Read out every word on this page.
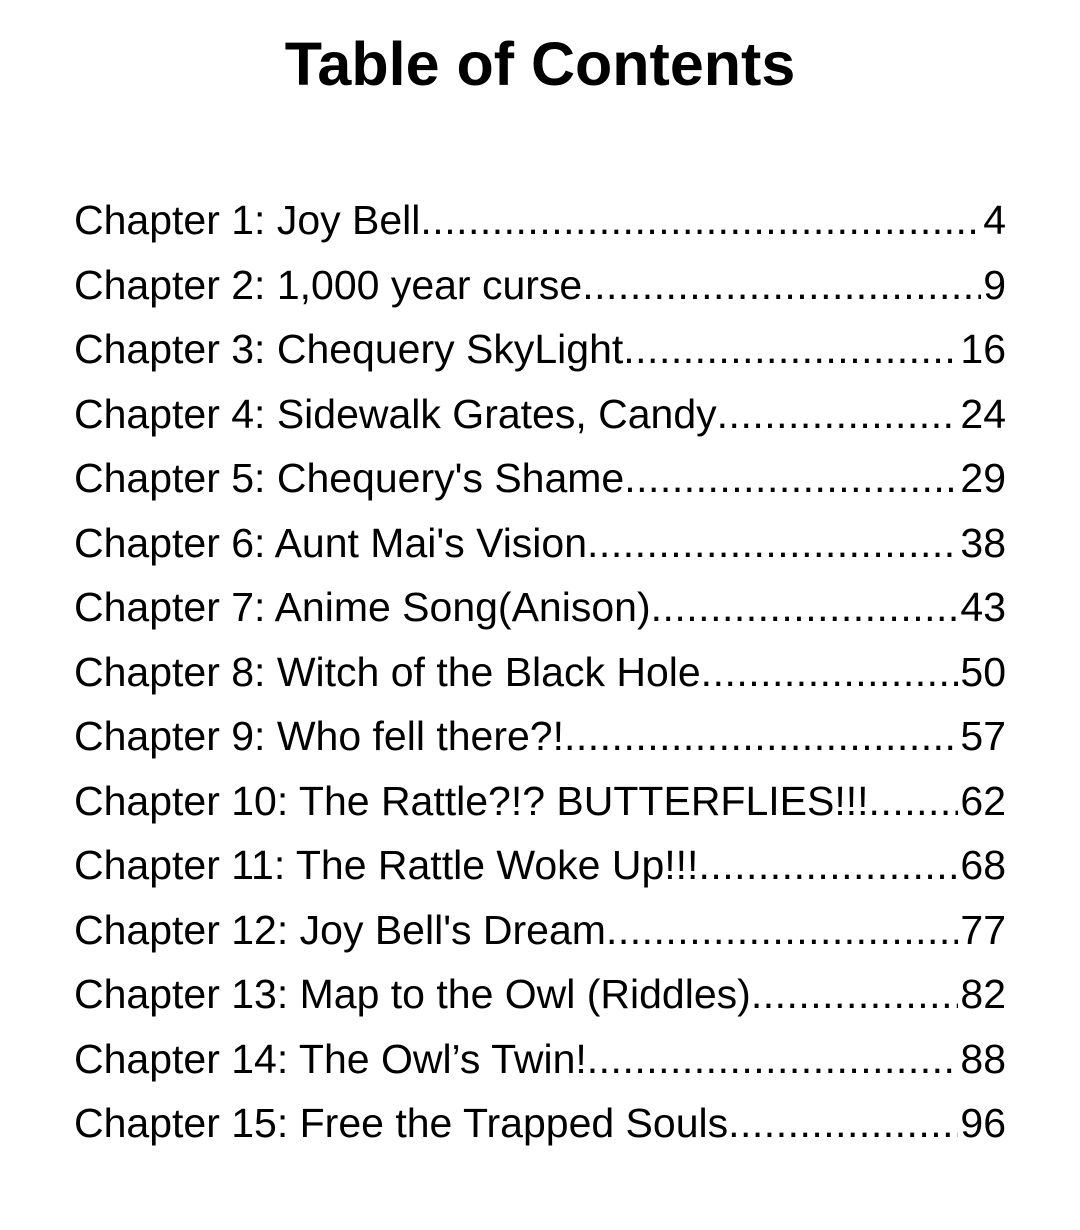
Table of Contents
Chapter 1: Joy Bell .....	4
Chapter 2: 1,000 year curse .....	9
Chapter 3: Chequery SkyLight .....	16
Chapter 4: Sidewalk Grates, Candy .....	24
Chapter 5: Chequery's Shame .....	29
Chapter 6: Aunt Mai's Vision .....	38
Chapter 7: Anime Song(Anison) .....	43
Chapter 8: Witch of the Black Hole .....	50
Chapter 9: Who fell there?! .....	57
Chapter 10: The Rattle?!? BUTTERFLIES!!! ..... 62
Chapter 11: The Rattle Woke Up!!! .....	68
Chapter 12: Joy Bell's Dream .....	77
Chapter 13: Map to the Owl (Riddles) .....	82
Chapter 14: The Owl’s Twin! .....	88
Chapter 15: Free the Trapped Souls .....	96
